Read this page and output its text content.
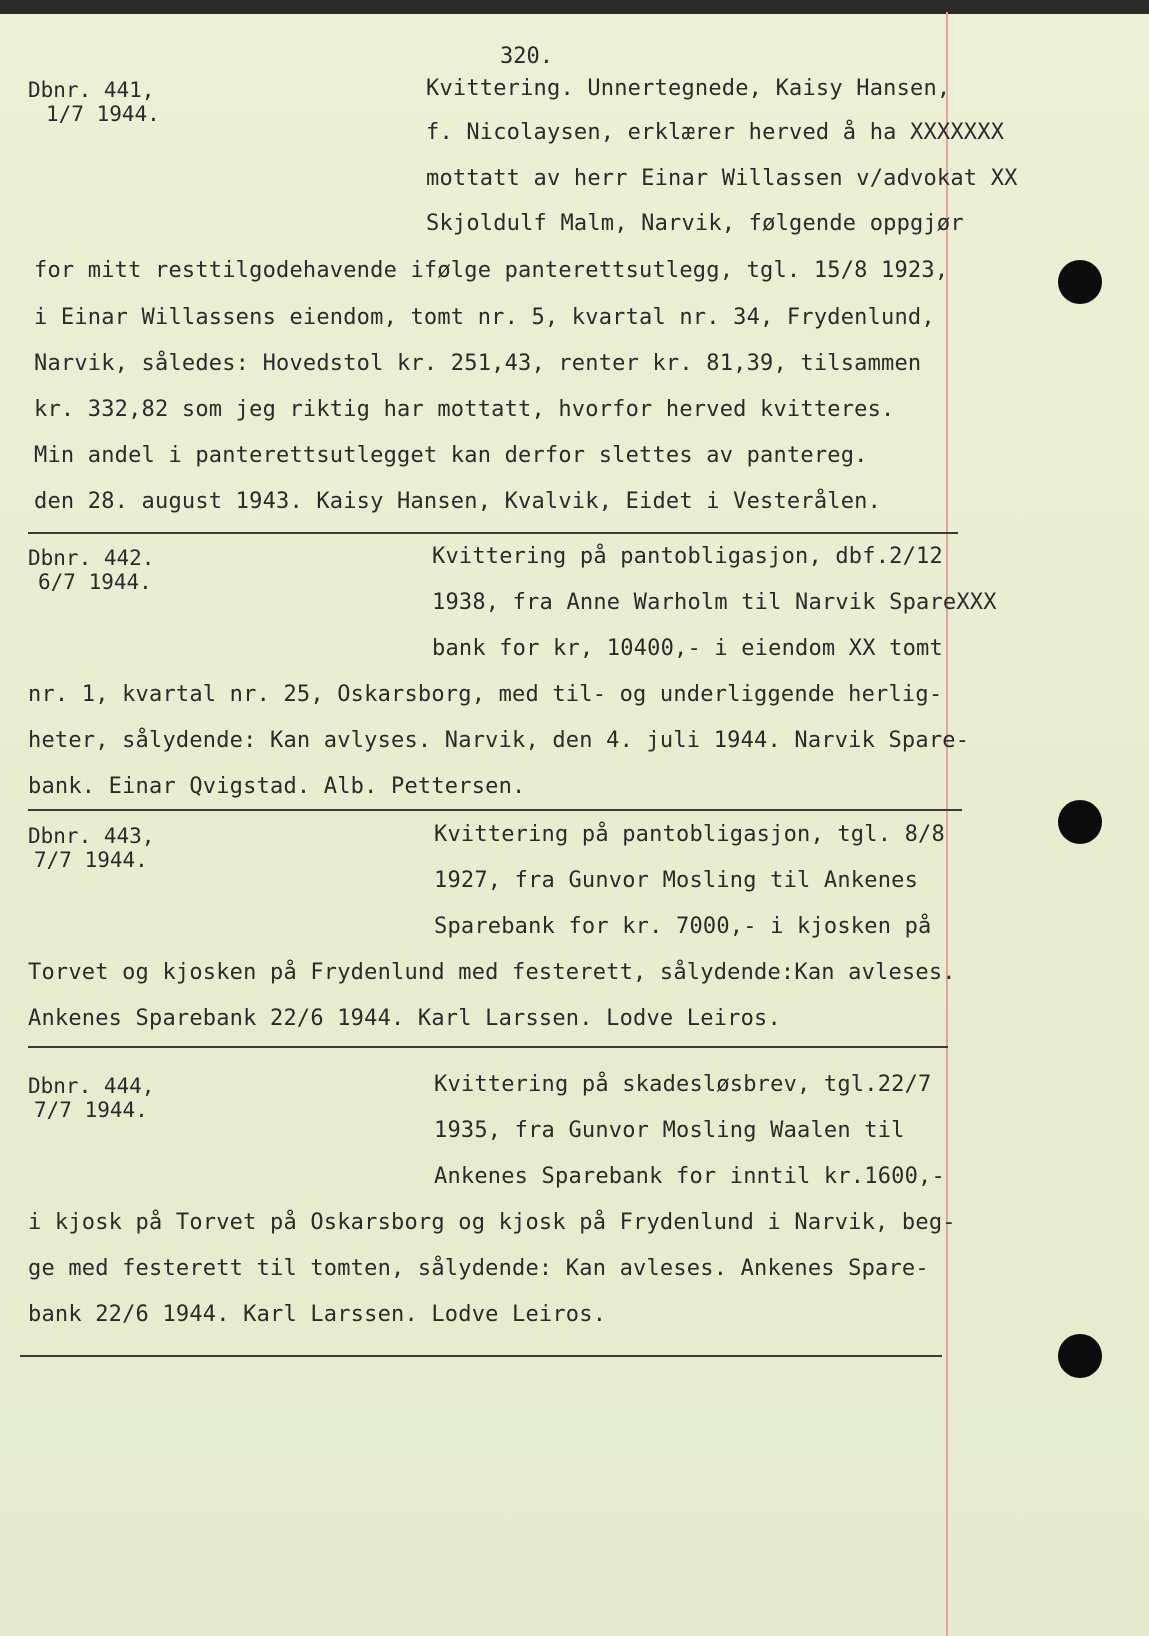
320.
Dbnr. 441,
1/7 1944.
Kvittering. Unnertegnede, Kaisy Hansen,
f. Nicolaysen, erklærer herved å ha XXXXXXX
mottatt av herr Einar Willassen v/advokat XX
Skjoldulf Malm, Narvik, følgende oppgjør
for mitt resttilgodehavende ifølge panterettsutlegg, tgl. 15/8 1923,
i Einar Willassens eiendom, tomt nr. 5, kvartal nr. 34, Frydenlund,
Narvik, således: Hovedstol kr. 251,43, renter kr. 81,39, tilsammen
kr. 332,82 som jeg riktig har mottatt, hvorfor herved kvitteres.
Min andel i panterettsutlegget kan derfor slettes av pantereg.
den 28. august 1943. Kaisy Hansen, Kvalvik, Eidet i Vesterålen.
Dbnr. 442.
6/7 1944.
Kvittering på pantobligasjon, dbf.2/12
1938, fra Anne Warholm til Narvik SpareXXX
bank for kr, 10400,- i eiendom XX tomt
nr. 1, kvartal nr. 25, Oskarsborg, med til- og underliggende herlig-
heter, sålydende: Kan avlyses. Narvik, den 4. juli 1944. Narvik Spare-
bank. Einar Qvigstad. Alb. Pettersen.
Dbnr. 443,
7/7 1944.
Kvittering på pantobligasjon, tgl. 8/8
1927, fra Gunvor Mosling til Ankenes
Sparebank for kr. 7000,- i kjosken på
Torvet og kjosken på Frydenlund med festerett, sålydende:Kan avleses.
Ankenes Sparebank 22/6 1944. Karl Larssen. Lodve Leiros.
Dbnr. 444,
7/7 1944.
Kvittering på skadesløsbrev, tgl.22/7
1935, fra Gunvor Mosling Waalen til
Ankenes Sparebank for inntil kr.1600,-
i kjosk på Torvet på Oskarsborg og kjosk på Frydenlund i Narvik, beg-
ge med festerett til tomten, sålydende: Kan avleses. Ankenes Spare-
bank 22/6 1944. Karl Larssen. Lodve Leiros.
